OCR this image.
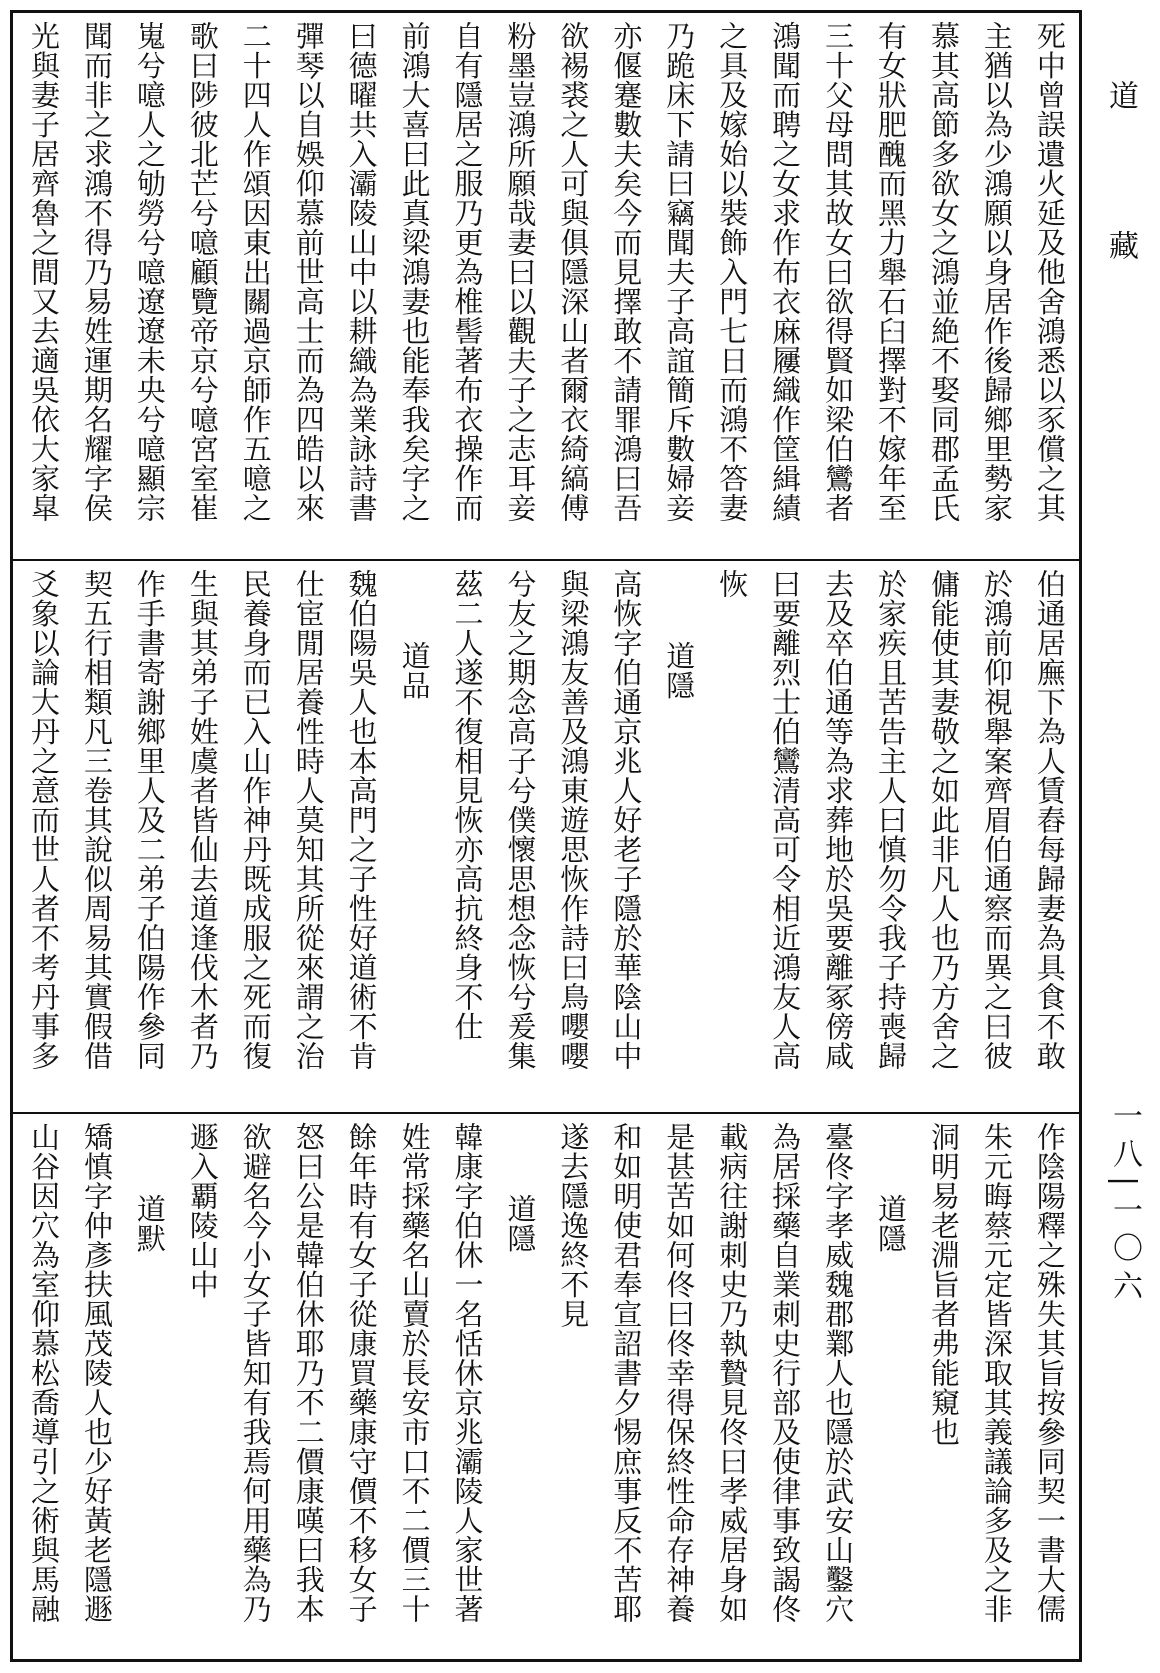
死中曾誤遺火延及他舍鴻悉以豕償之其
主猶以為少鴻願以身居作後歸鄉里勢家
慕其高節多欲女之鴻並絶不娶同郡孟氏
有女狀肥醜而黑力舉石臼擇對不嫁年至
三十父母問其故女曰欲得賢如梁伯鸞者
鴻聞而聘之女求作布衣麻屨織作筐緝績
之具及嫁始以裝飾入門七日而鴻不答妻
乃跪床下請曰竊聞夫子高誼簡斥數婦妾
亦偃蹇數夫矣今而見擇敢不請罪鴻曰吾
欲裼裘之人可與俱隱深山者爾衣綺縞傅
粉墨豈鴻所願哉妻曰以觀夫子之志耳妾
自有隱居之服乃更為椎髻著布衣操作而
前鴻大喜曰此真梁鴻妻也能奉我矣字之
曰德曜共入灞陵山中以耕織為業詠詩書
彈琴以自娛仰慕前世高士而為四皓以來
二十四人作頌因東出關過京師作五噫之
歌曰陟彼北芒兮噫顧覽帝京兮噫宮室崔
嵬兮噫人之劬勞兮噫遼遼未央兮噫顯宗
聞而非之求鴻不得乃易姓運期名耀字侯
光與妻子居齊魯之間又去適吳依大家皐
伯通居廡下為人賃舂每歸妻為具食不敢
於鴻前仰視舉案齊眉伯通察而異之曰彼
傭能使其妻敬之如此非凡人也乃方舍之
於家疾且苦告主人曰慎勿令我子持喪歸
去及卒伯通等為求葬地於吳要離冢傍咸
曰要離烈士伯鸞清高可令相近鴻友人高
恢
道隱
高恢字伯通京兆人好老子隱於華陰山中
與梁鴻友善及鴻東遊思恢作詩曰鳥嚶嚶
兮友之期念高子兮僕懷思想念恢兮爰集
茲二人遂不復相見恢亦高抗終身不仕
道品
魏伯陽吳人也本高門之子性好道術不肯
仕宦閒居養性時人莫知其所從來謂之治
民養身而已入山作神丹既成服之死而復
生與其弟子姓虞者皆仙去道逢伐木者乃
作手書寄謝鄉里人及二弟子伯陽作參同
契五行相類凡三卷其說似周易其實假借
爻象以論大丹之意而世人者不考丹事多
作陰陽釋之殊失其旨按參同契一書大儒
朱元晦蔡元定皆深取其義議論多及之非
洞明易老淵旨者弗能窺也
道隱
臺佟字孝威魏郡鄴人也隱於武安山鑿穴
為居採藥自業刺史行部及使律事致謁佟
載病往謝刺史乃執贄見佟曰孝威居身如
是甚苦如何佟曰佟幸得保終性命存神養
和如明使君奉宣詔書夕惕庶事反不苦耶
遂去隱逸終不見
道隱
韓康字伯休一名恬休京兆灞陵人家世著
姓常採藥名山賣於長安市口不二價三十
餘年時有女子從康買藥康守價不移女子
怒曰公是韓伯休耶乃不二價康嘆曰我本
欲避名今小女子皆知有我焉何用藥為乃
遯入覇陵山中
道默
矯慎字仲彥扶風茂陵人也少好黃老隱遯
山谷因穴為室仰慕松喬導引之術與馬融
道藏
一八|一〇六
